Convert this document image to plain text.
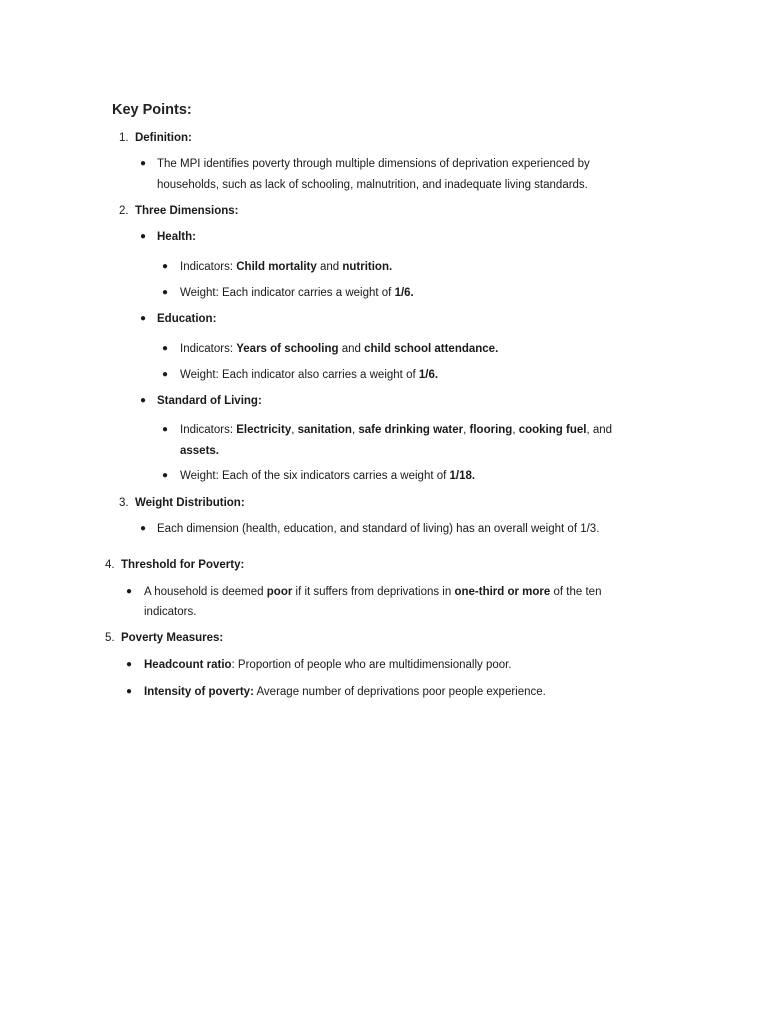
Key Points:
1. Definition:
● The MPI identifies poverty through multiple dimensions of deprivation experienced by
households, such as lack of schooling, malnutrition, and inadequate living standards.
2. Three Dimensions:
● Health:
● Indicators: Child mortality and nutrition.
● Weight: Each indicator carries a weight of 1/6.
● Education:
● Indicators: Years of schooling and child school attendance.
● Weight: Each indicator also carries a weight of 1/6.
● Standard of Living:
● Indicators: Electricity, sanitation, safe drinking water, flooring, cooking fuel, and
assets.
● Weight: Each of the six indicators carries a weight of 1/18.
3. Weight Distribution:
● Each dimension (health, education, and standard of living) has an overall weight of 1/3.
4. Threshold for Poverty:
● A household is deemed poor if it suffers from deprivations in one-third or more of the ten
indicators.
5. Poverty Measures:
● Headcount ratio: Proportion of people who are multidimensionally poor.
● Intensity of poverty: Average number of deprivations poor people experience.
